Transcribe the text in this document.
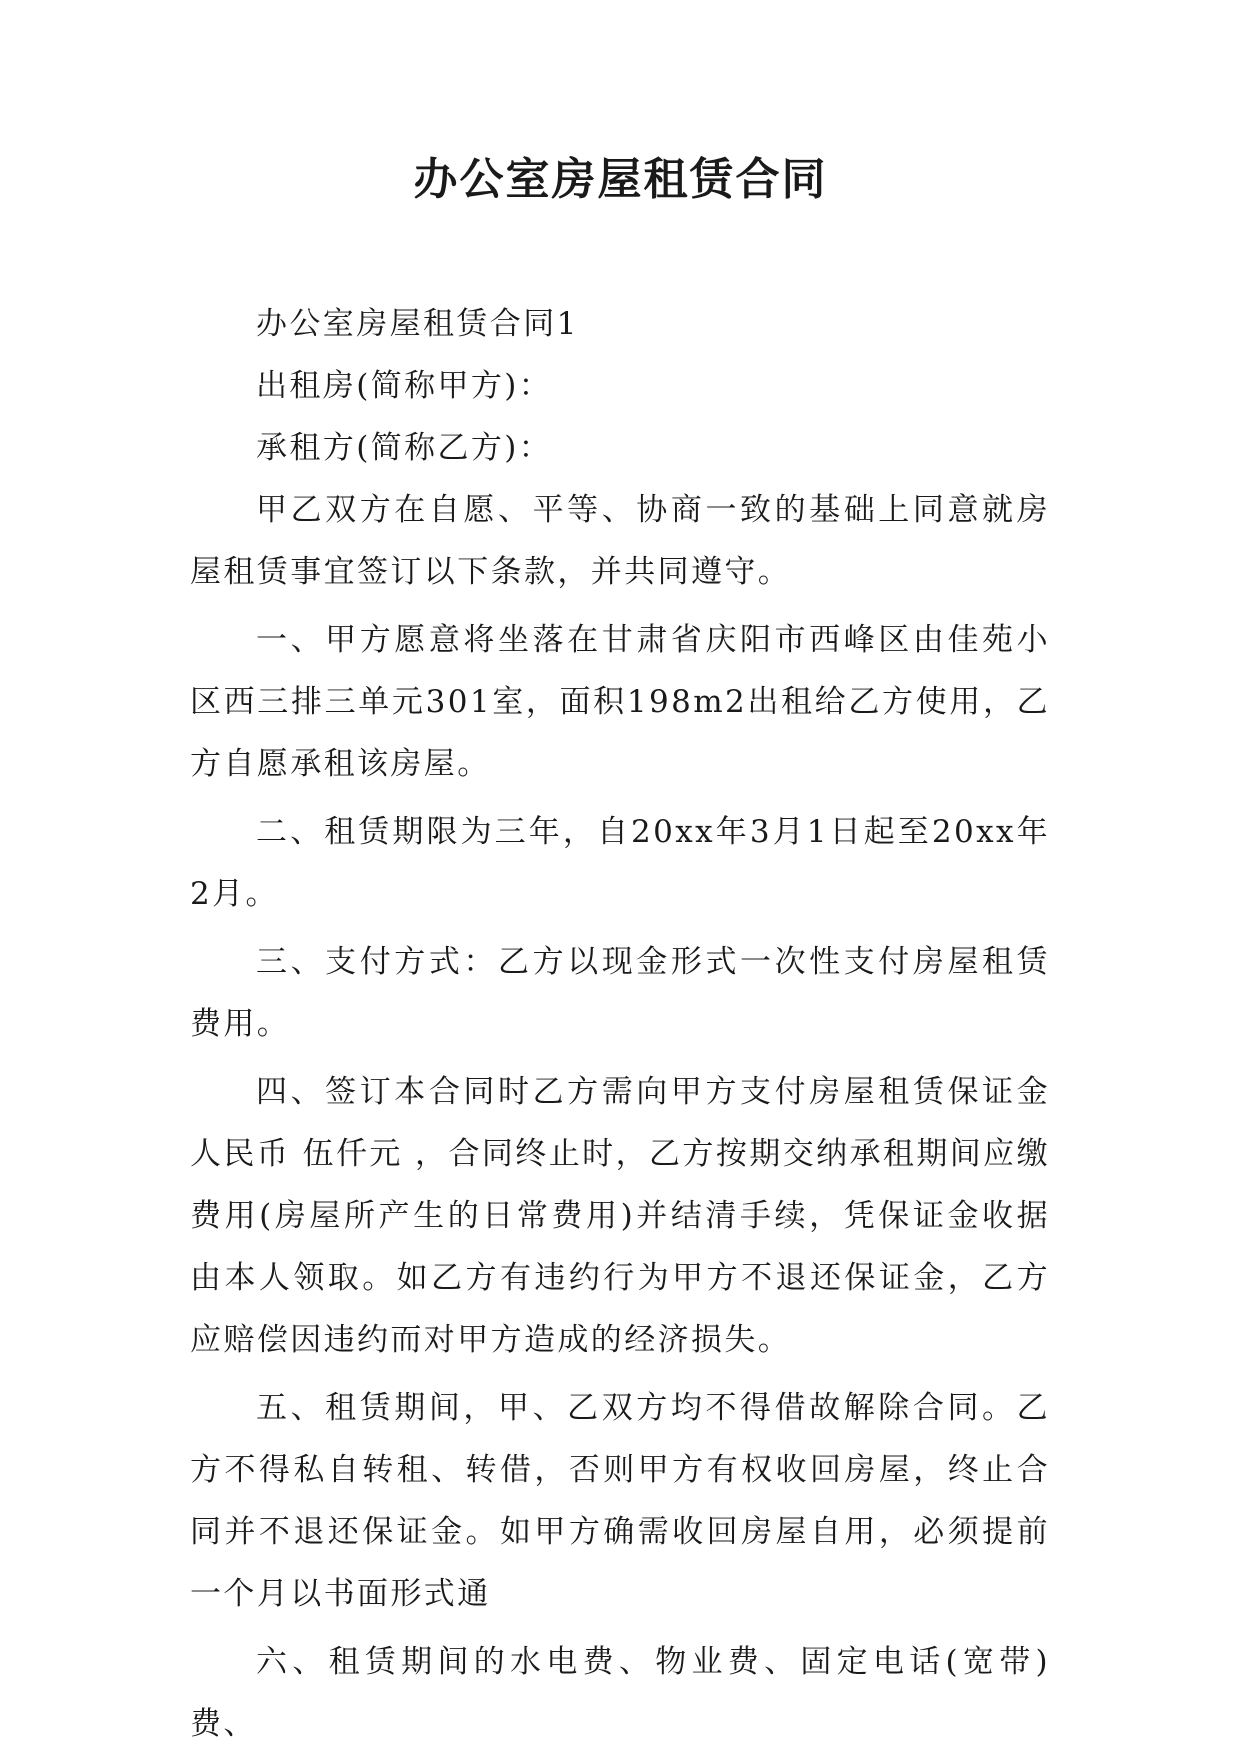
办公室房屋租赁合同

办公室房屋租赁合同1

出租房(简称甲方)：

承租方(简称乙方)：

甲乙双方在自愿、平等、协商一致的基础上同意就房屋租赁事宜签订以下条款，并共同遵守。

一、甲方愿意将坐落在甘肃省庆阳市西峰区由佳苑小区西三排三单元301室，面积198m2出租给乙方使用，乙方自愿承租该房屋。

二、租赁期限为三年，自20xx年3月1日起至20xx年2月。

三、支付方式：乙方以现金形式一次性支付房屋租赁费用。

四、签订本合同时乙方需向甲方支付房屋租赁保证金人民币 伍仟元 ，合同终止时，乙方按期交纳承租期间应缴费用(房屋所产生的日常费用)并结清手续，凭保证金收据由本人领取。如乙方有违约行为甲方不退还保证金，乙方应赔偿因违约而对甲方造成的经济损失。

五、租赁期间，甲、乙双方均不得借故解除合同。乙方不得私自转租、转借，否则甲方有权收回房屋，终止合同并不退还保证金。如甲方确需收回房屋自用，必须提前一个月以书面形式通

六、租赁期间的水电费、物业费、固定电话(宽带)费、
